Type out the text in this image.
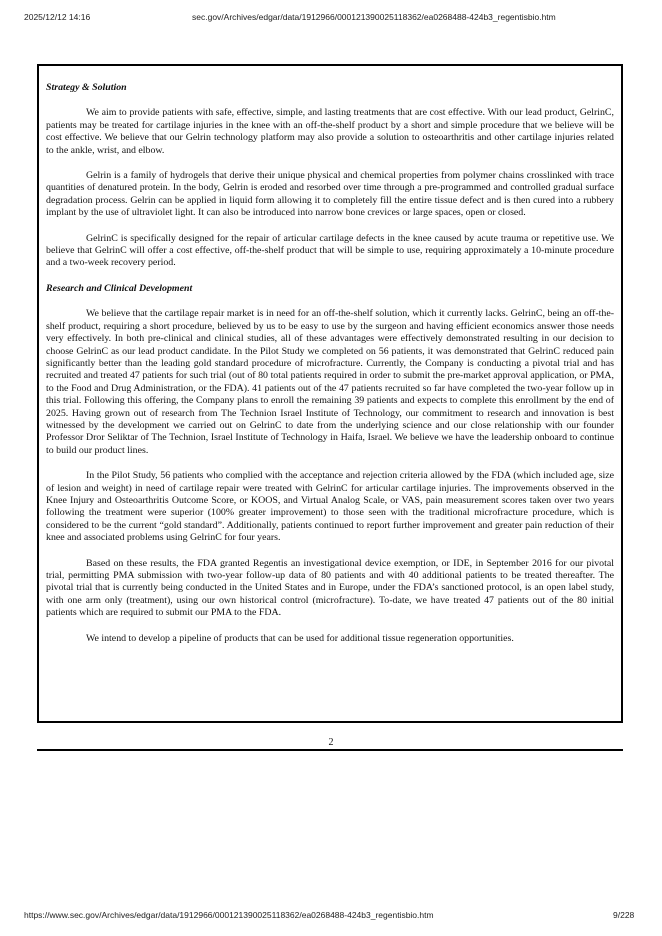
2025/12/12 14:16	sec.gov/Archives/edgar/data/1912966/000121390025118362/ea0268488-424b3_regentisbio.htm
Strategy & Solution

We aim to provide patients with safe, effective, simple, and lasting treatments that are cost effective. With our lead product, GelrinC, patients may be treated for cartilage injuries in the knee with an off-the-shelf product by a short and simple procedure that we believe will be cost effective. We believe that our Gelrin technology platform may also provide a solution to osteoarthritis and other cartilage injuries related to the ankle, wrist, and elbow.

Gelrin is a family of hydrogels that derive their unique physical and chemical properties from polymer chains crosslinked with trace quantities of denatured protein. In the body, Gelrin is eroded and resorbed over time through a pre-programmed and controlled gradual surface degradation process. Gelrin can be applied in liquid form allowing it to completely fill the entire tissue defect and is then cured into a rubbery implant by the use of ultraviolet light. It can also be introduced into narrow bone crevices or large spaces, open or closed.

GelrinC is specifically designed for the repair of articular cartilage defects in the knee caused by acute trauma or repetitive use. We believe that GelrinC will offer a cost effective, off-the-shelf product that will be simple to use, requiring approximately a 10-minute procedure and a two-week recovery period.

Research and Clinical Development

We believe that the cartilage repair market is in need for an off-the-shelf solution, which it currently lacks. GelrinC, being an off-the-shelf product, requiring a short procedure, believed by us to be easy to use by the surgeon and having efficient economics answer those needs very effectively. In both pre-clinical and clinical studies, all of these advantages were effectively demonstrated resulting in our decision to choose GelrinC as our lead product candidate. In the Pilot Study we completed on 56 patients, it was demonstrated that GelrinC reduced pain significantly better than the leading gold standard procedure of microfracture. Currently, the Company is conducting a pivotal trial and has recruited and treated 47 patients for such trial (out of 80 total patients required in order to submit the pre-market approval application, or PMA, to the Food and Drug Administration, or the FDA). 41 patients out of the 47 patients recruited so far have completed the two-year follow up in this trial. Following this offering, the Company plans to enroll the remaining 39 patients and expects to complete this enrollment by the end of 2025. Having grown out of research from The Technion Israel Institute of Technology, our commitment to research and innovation is best witnessed by the development we carried out on GelrinC to date from the underlying science and our close relationship with our founder Professor Dror Seliktar of The Technion, Israel Institute of Technology in Haifa, Israel. We believe we have the leadership onboard to continue to build our product lines.

In the Pilot Study, 56 patients who complied with the acceptance and rejection criteria allowed by the FDA (which included age, size of lesion and weight) in need of cartilage repair were treated with GelrinC for articular cartilage injuries. The improvements observed in the Knee Injury and Osteoarthritis Outcome Score, or KOOS, and Virtual Analog Scale, or VAS, pain measurement scores taken over two years following the treatment were superior (100% greater improvement) to those seen with the traditional microfracture procedure, which is considered to be the current “gold standard”. Additionally, patients continued to report further improvement and greater pain reduction of their knee and associated problems using GelrinC for four years.

Based on these results, the FDA granted Regentis an investigational device exemption, or IDE, in September 2016 for our pivotal trial, permitting PMA submission with two-year follow-up data of 80 patients and with 40 additional patients to be treated thereafter. The pivotal trial that is currently being conducted in the United States and in Europe, under the FDA’s sanctioned protocol, is an open label study, with one arm only (treatment), using our own historical control (microfracture). To-date, we have treated 47 patients out of the 80 initial patients which are required to submit our PMA to the FDA.

We intend to develop a pipeline of products that can be used for additional tissue regeneration opportunities.

2
https://www.sec.gov/Archives/edgar/data/1912966/000121390025118362/ea0268488-424b3_regentisbio.htm	9/228
